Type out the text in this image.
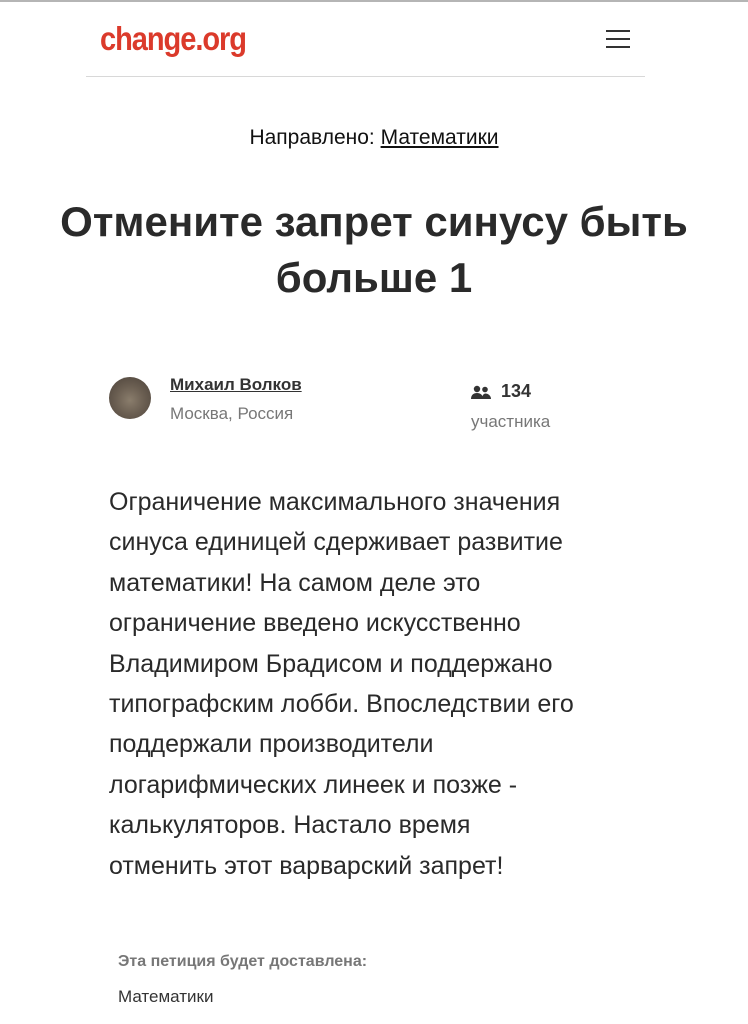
change.org
Направлено: Математики
Отмените запрет синусу быть больше 1
Михаил Волков
Москва, Россия
134
участника
Ограничение максимального значения
синуса единицей сдерживает развитие
математики! На самом деле это
ограничение введено искусственно
Владимиром Брадисом и поддержано
типографским лобби. Впоследствии его
поддержали производители
логарифмических линеек и позже -
калькуляторов. Настало время
отменить этот варварский запрет!
Эта петиция будет доставлена:
Математики
